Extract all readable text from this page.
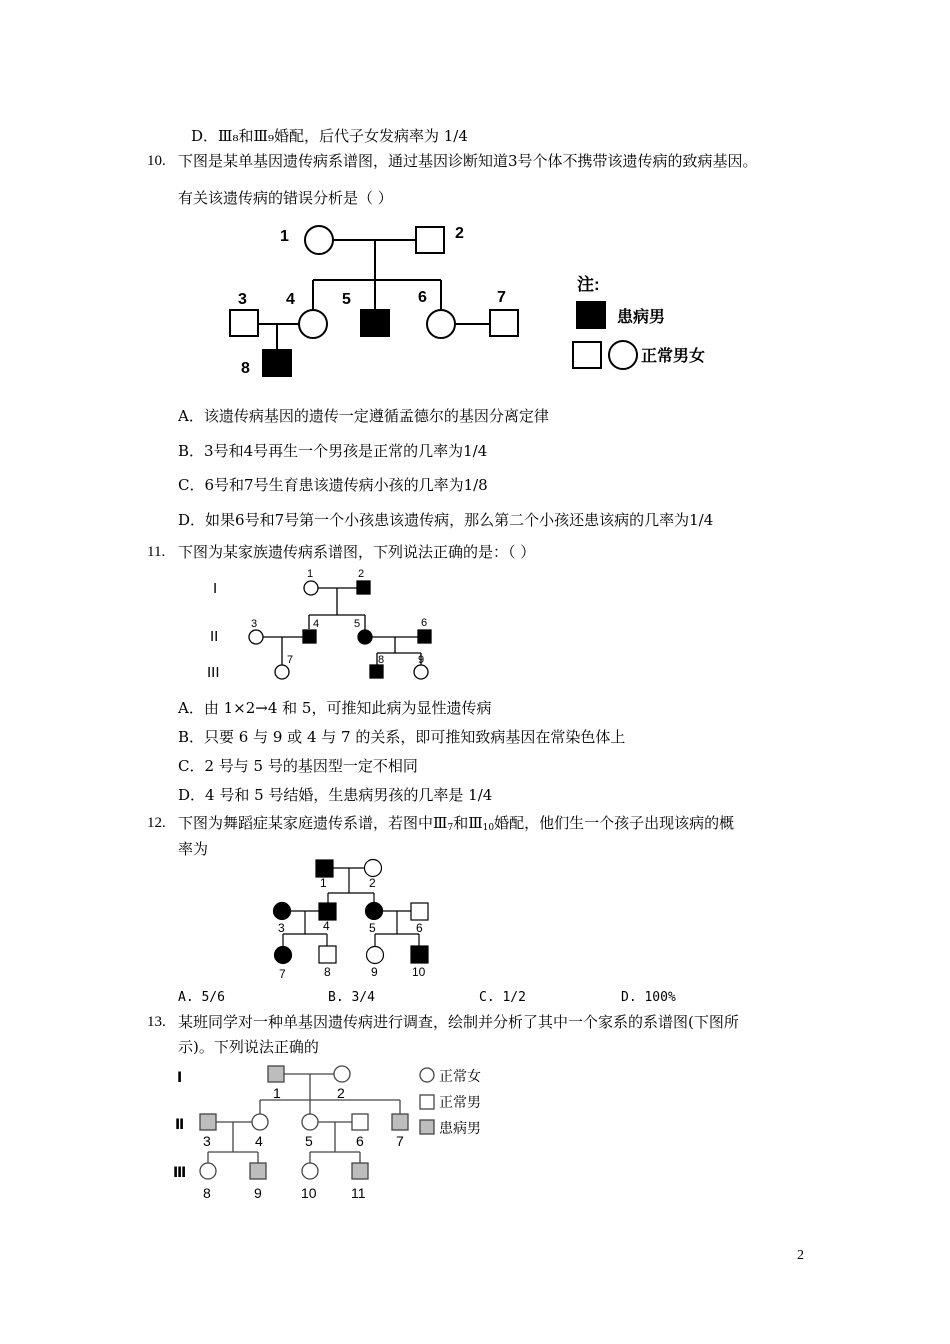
D．Ⅲ₈和Ⅲ₉婚配，后代子女发病率为 1/4
10. 下图是某单基因遗传病系谱图，通过基因诊断知道3号个体不携带该遗传病的致病基因。
有关该遗传病的错误分析是（ ）
1	2
3 4	5	6	7
8
注:
患病男
正常男女
A．该遗传病基因的遗传一定遵循孟德尔的基因分离定律
B．3号和4号再生一个男孩是正常的几率为1/4
C．6号和7号生育患该遗传病小孩的几率为1/8
D．如果6号和7号第一个小孩患该遗传病，那么第二个小孩还患该病的几率为1/4
11. 下图为某家族遗传病系谱图，下列说法正确的是：（ ）
I
II
III
1	2
3	4	5	6
7	8	9
A．由 1×2→4 和 5，可推知此病为显性遗传病
B．只要 6 与 9 或 4 与 7 的关系，即可推知致病基因在常染色体上
C．2 号与 5 号的基因型一定不相同
D．4 号和 5 号结婚，生患病男孩的几率是 1/4
12. 下图为舞蹈症某家庭遗传系谱，若图中$Ⅲ_7$和$Ⅲ_{10}$婚配，他们生一个孩子出现该病的概
率为
1	2
3	4	5	6
7	8	9	10
A. 5/6	B. 3/4	C. 1/2	D. 100%
13. 某班同学对一种单基因遗传病进行调查，绘制并分析了其中一个家系的系谱图(下图所
示)。下列说法正确的
Ⅰ
Ⅱ
Ⅲ
1	2
3	4	5	6 7
8	9	10 11
正常女
正常男
患病男
2
